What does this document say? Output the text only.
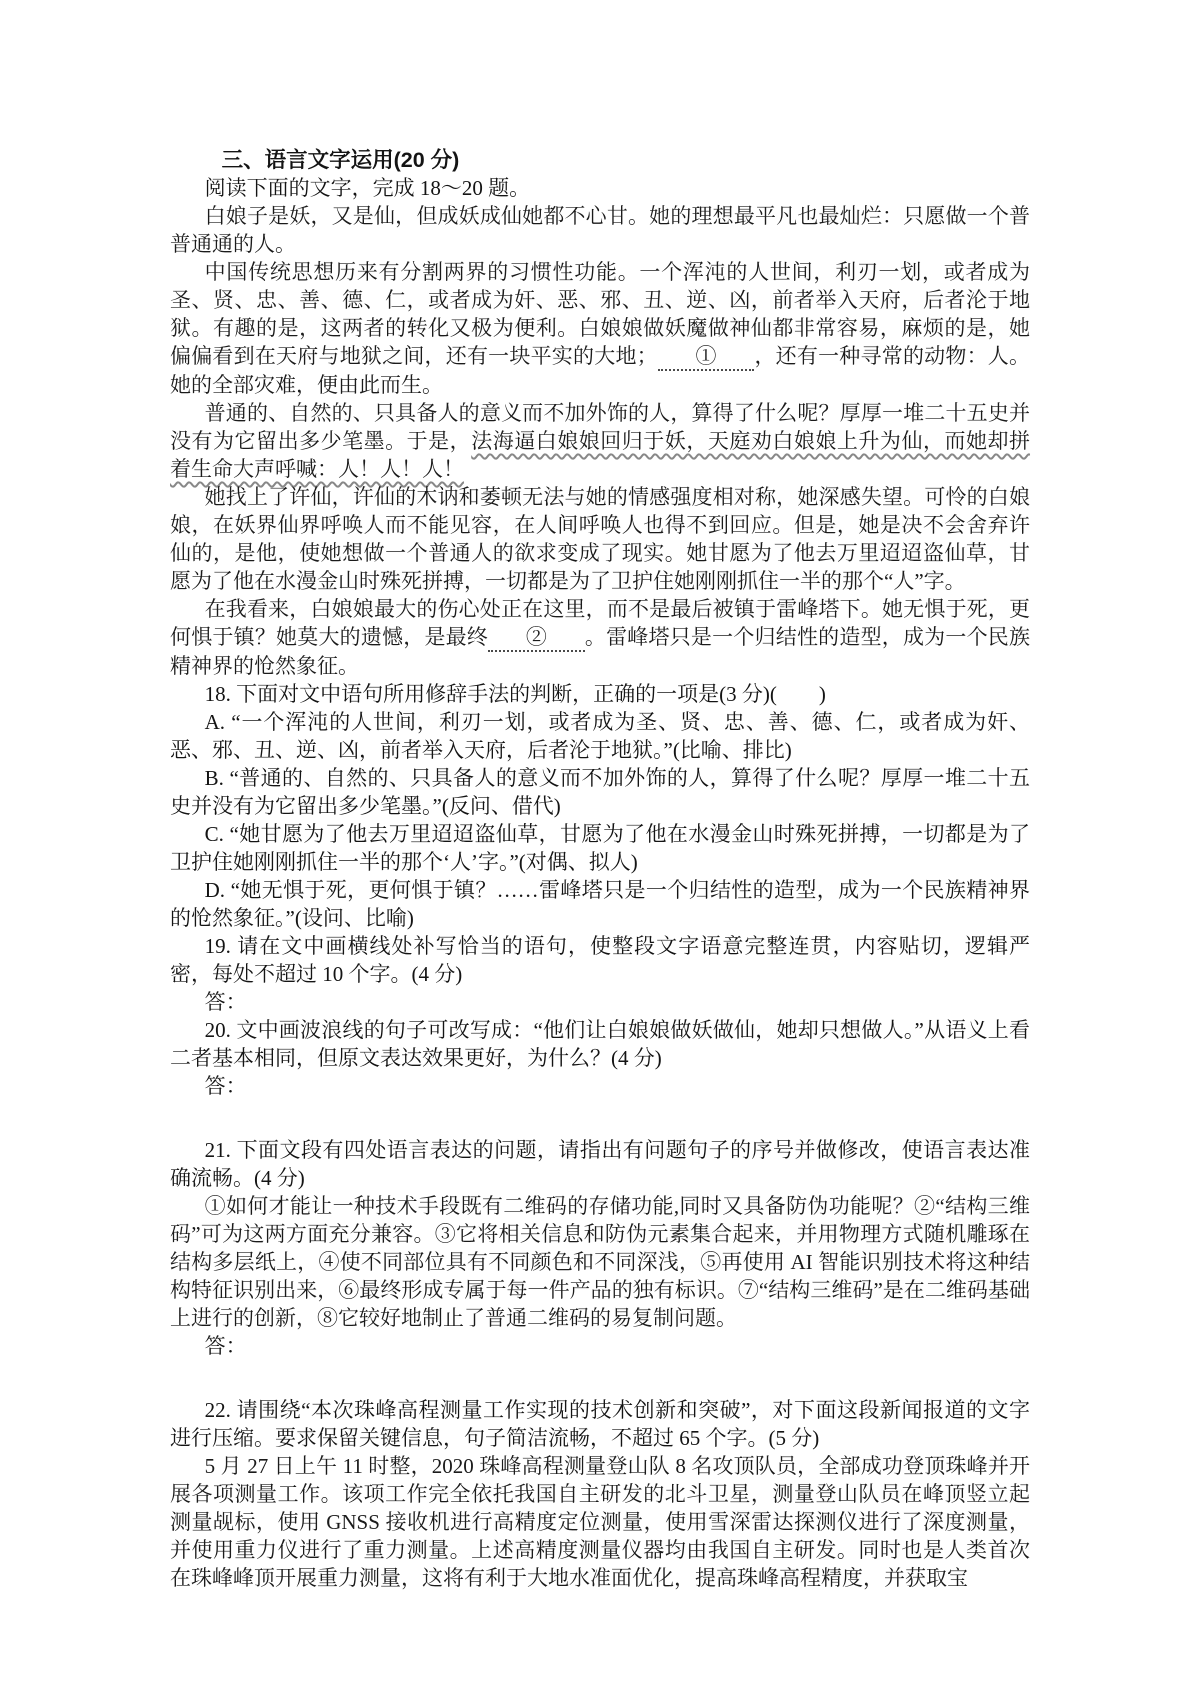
三、语言文字运用(20 分)

阅读下面的文字，完成 18～20 题。

白娘子是妖，又是仙，但成妖成仙她都不心甘。她的理想最平凡也最灿烂：只愿做一个普普通通的人。

中国传统思想历来有分割两界的习惯性功能。一个浑沌的人世间，利刃一划，或者成为圣、贤、忠、善、德、仁，或者成为奸、恶、邪、丑、逆、凶，前者举入天府，后者沦于地狱。有趣的是，这两者的转化又极为便利。白娘娘做妖魔做神仙都非常容易，麻烦的是，她偏偏看到在天府与地狱之间，还有一块平实的大地； ① ，还有一种寻常的动物：人。她的全部灾难，便由此而生。

普通的、自然的、只具备人的意义而不加外饰的人，算得了什么呢？厚厚一堆二十五史并没有为它留出多少笔墨。于是，法海逼白娘娘回归于妖，天庭劝白娘娘上升为仙，而她却拼着生命大声呼喊：人！人！人！

她找上了许仙，许仙的木讷和萎顿无法与她的情感强度相对称，她深感失望。可怜的白娘娘，在妖界仙界呼唤人而不能见容，在人间呼唤人也得不到回应。但是，她是决不会舍弃许仙的，是他，使她想做一个普通人的欲求变成了现实。她甘愿为了他去万里迢迢盗仙草，甘愿为了他在水漫金山时殊死拼搏，一切都是为了卫护住她刚刚抓住一半的那个“人”字。

在我看来，白娘娘最大的伤心处正在这里，而不是最后被镇于雷峰塔下。她无惧于死，更何惧于镇？她莫大的遗憾，是最终 ② 。雷峰塔只是一个归结性的造型，成为一个民族精神界的怆然象征。

18. 下面对文中语句所用修辞手法的判断，正确的一项是(3 分)(　　)

A. “一个浑沌的人世间，利刃一划，或者成为圣、贤、忠、善、德、仁，或者成为奸、恶、邪、丑、逆、凶，前者举入天府，后者沦于地狱。”(比喻、排比)

B. “普通的、自然的、只具备人的意义而不加外饰的人，算得了什么呢？厚厚一堆二十五史并没有为它留出多少笔墨。”(反问、借代)

C. “她甘愿为了他去万里迢迢盗仙草，甘愿为了他在水漫金山时殊死拼搏，一切都是为了卫护住她刚刚抓住一半的那个‘人’字。”(对偶、拟人)

D. “她无惧于死，更何惧于镇？……雷峰塔只是一个归结性的造型，成为一个民族精神界的怆然象征。”(设问、比喻)

19. 请在文中画横线处补写恰当的语句，使整段文字语意完整连贯，内容贴切，逻辑严密，每处不超过 10 个字。(4 分)

答：

20. 文中画波浪线的句子可改写成：“他们让白娘娘做妖做仙，她却只想做人。”从语义上看二者基本相同，但原文表达效果更好，为什么？(4 分)

答：

21. 下面文段有四处语言表达的问题，请指出有问题句子的序号并做修改，使语言表达准确流畅。(4 分)

①如何才能让一种技术手段既有二维码的存储功能,同时又具备防伪功能呢？②“结构三维码”可为这两方面充分兼容。③它将相关信息和防伪元素集合起来，并用物理方式随机雕琢在结构多层纸上，④使不同部位具有不同颜色和不同深浅，⑤再使用 AI 智能识别技术将这种结构特征识别出来，⑥最终形成专属于每一件产品的独有标识。⑦“结构三维码”是在二维码基础上进行的创新，⑧它较好地制止了普通二维码的易复制问题。

答：

22. 请围绕“本次珠峰高程测量工作实现的技术创新和突破”，对下面这段新闻报道的文字进行压缩。要求保留关键信息，句子简洁流畅，不超过 65 个字。(5 分)

5 月 27 日上午 11 时整，2020 珠峰高程测量登山队 8 名攻顶队员，全部成功登顶珠峰并开展各项测量工作。该项工作完全依托我国自主研发的北斗卫星，测量登山队员在峰顶竖立起测量觇标，使用 GNSS 接收机进行高精度定位测量，使用雪深雷达探测仪进行了深度测量，并使用重力仪进行了重力测量。上述高精度测量仪器均由我国自主研发。同时也是人类首次在珠峰峰顶开展重力测量，这将有利于大地水准面优化，提高珠峰高程精度，并获取宝
